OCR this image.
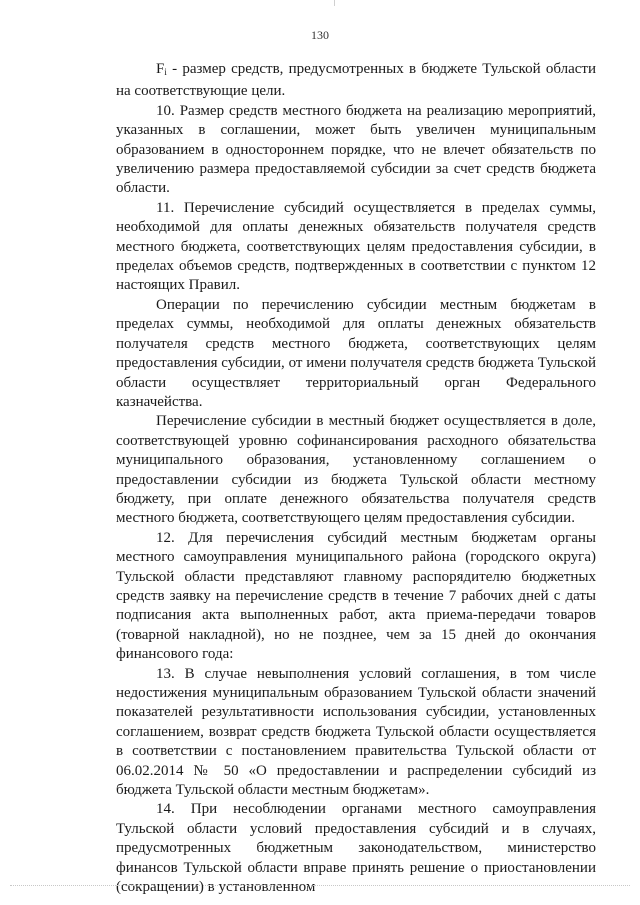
130

$F_i$ - размер средств, предусмотренных в бюджете Тульской области на соответствующие цели.

10. Размер средств местного бюджета на реализацию мероприятий, указанных в соглашении, может быть увеличен муниципальным образованием в одностороннем порядке, что не влечет обязательств по увеличению размера предоставляемой субсидии за счет средств бюджета области.

11. Перечисление субсидий осуществляется в пределах суммы, необходимой для оплаты денежных обязательств получателя средств местного бюджета, соответствующих целям предоставления субсидии, в пределах объемов средств, подтвержденных в соответствии с пунктом 12 настоящих Правил.

Операции по перечислению субсидии местным бюджетам в пределах суммы, необходимой для оплаты денежных обязательств получателя средств местного бюджета, соответствующих целям предоставления субсидии, от имени получателя средств бюджета Тульской области осуществляет территориальный орган Федерального казначейства.

Перечисление субсидии в местный бюджет осуществляется в доле, соответствующей уровню софинансирования расходного обязательства муниципального образования, установленному соглашением о предоставлении субсидии из бюджета Тульской области местному бюджету, при оплате денежного обязательства получателя средств местного бюджета, соответствующего целям предоставления субсидии.

12. Для перечисления субсидий местным бюджетам органы местного самоуправления муниципального района (городского округа) Тульской области представляют главному распорядителю бюджетных средств заявку на перечисление средств в течение 7 рабочих дней с даты подписания акта выполненных работ, акта приема-передачи товаров (товарной накладной), но не позднее, чем за 15 дней до окончания финансового года:

13. В случае невыполнения условий соглашения, в том числе недостижения муниципальным образованием Тульской области значений показателей результативности использования субсидии, установленных соглашением, возврат средств бюджета Тульской области осуществляется в соответствии с постановлением правительства Тульской области от 06.02.2014 № 50 «О предоставлении и распределении субсидий из бюджета Тульской области местным бюджетам».

14. При несоблюдении органами местного самоуправления Тульской области условий предоставления субсидий и в случаях, предусмотренных бюджетным законодательством, министерство финансов Тульской области вправе принять решение о приостановлении (сокращении) в установленном
